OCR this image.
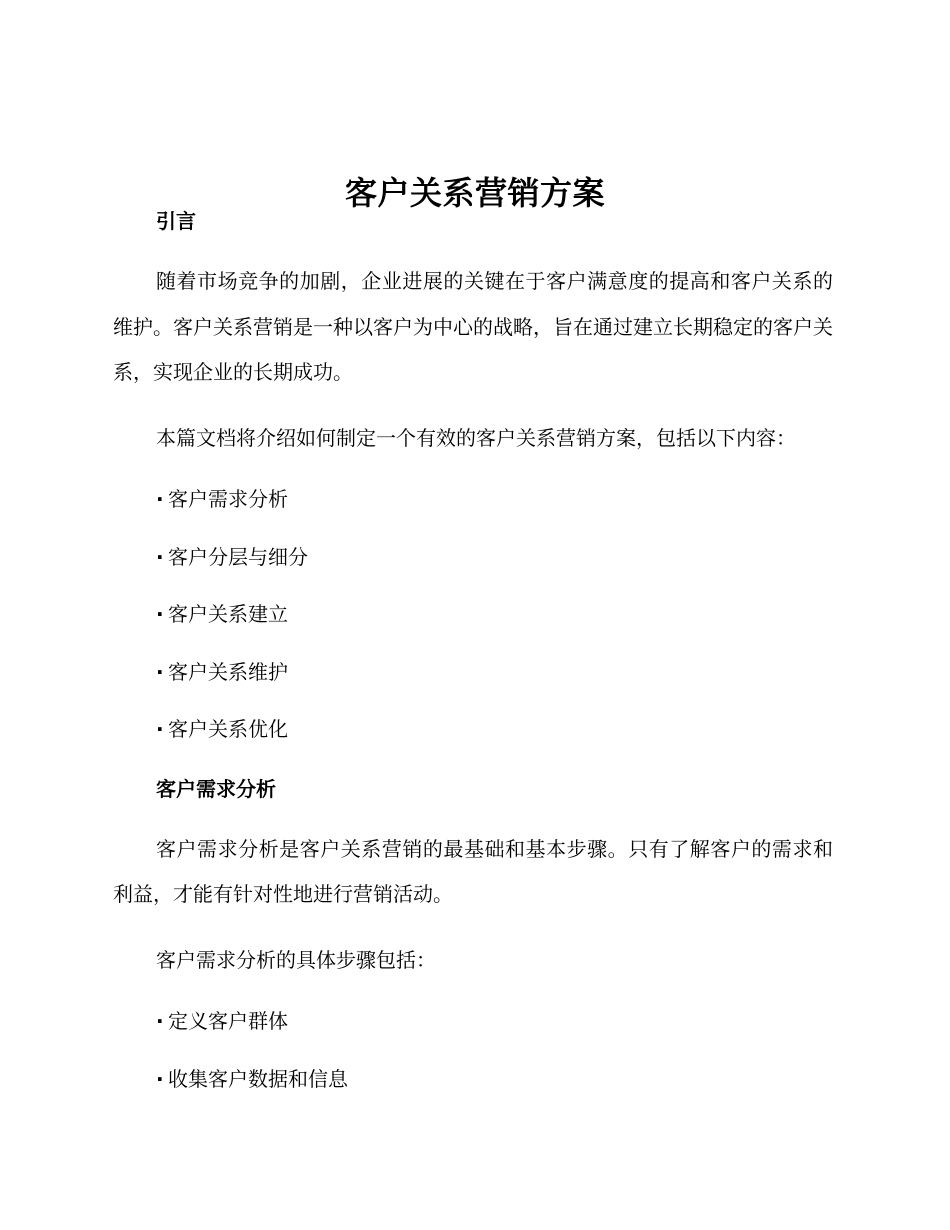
客户关系营销方案
引言

随着市场竞争的加剧，企业进展的关键在于客户满意度的提高和客户关系的维护。客户关系营销是一种以客户为中心的战略，旨在通过建立长期稳定的客户关系，实现企业的长期成功。

本篇文档将介绍如何制定一个有效的客户关系营销方案，包括以下内容：

· 客户需求分析
· 客户分层与细分
· 客户关系建立
· 客户关系维护
· 客户关系优化
客户需求分析

客户需求分析是客户关系营销的最基础和基本步骤。只有了解客户的需求和利益，才能有针对性地进行营销活动。

客户需求分析的具体步骤包括：

· 定义客户群体
· 收集客户数据和信息
